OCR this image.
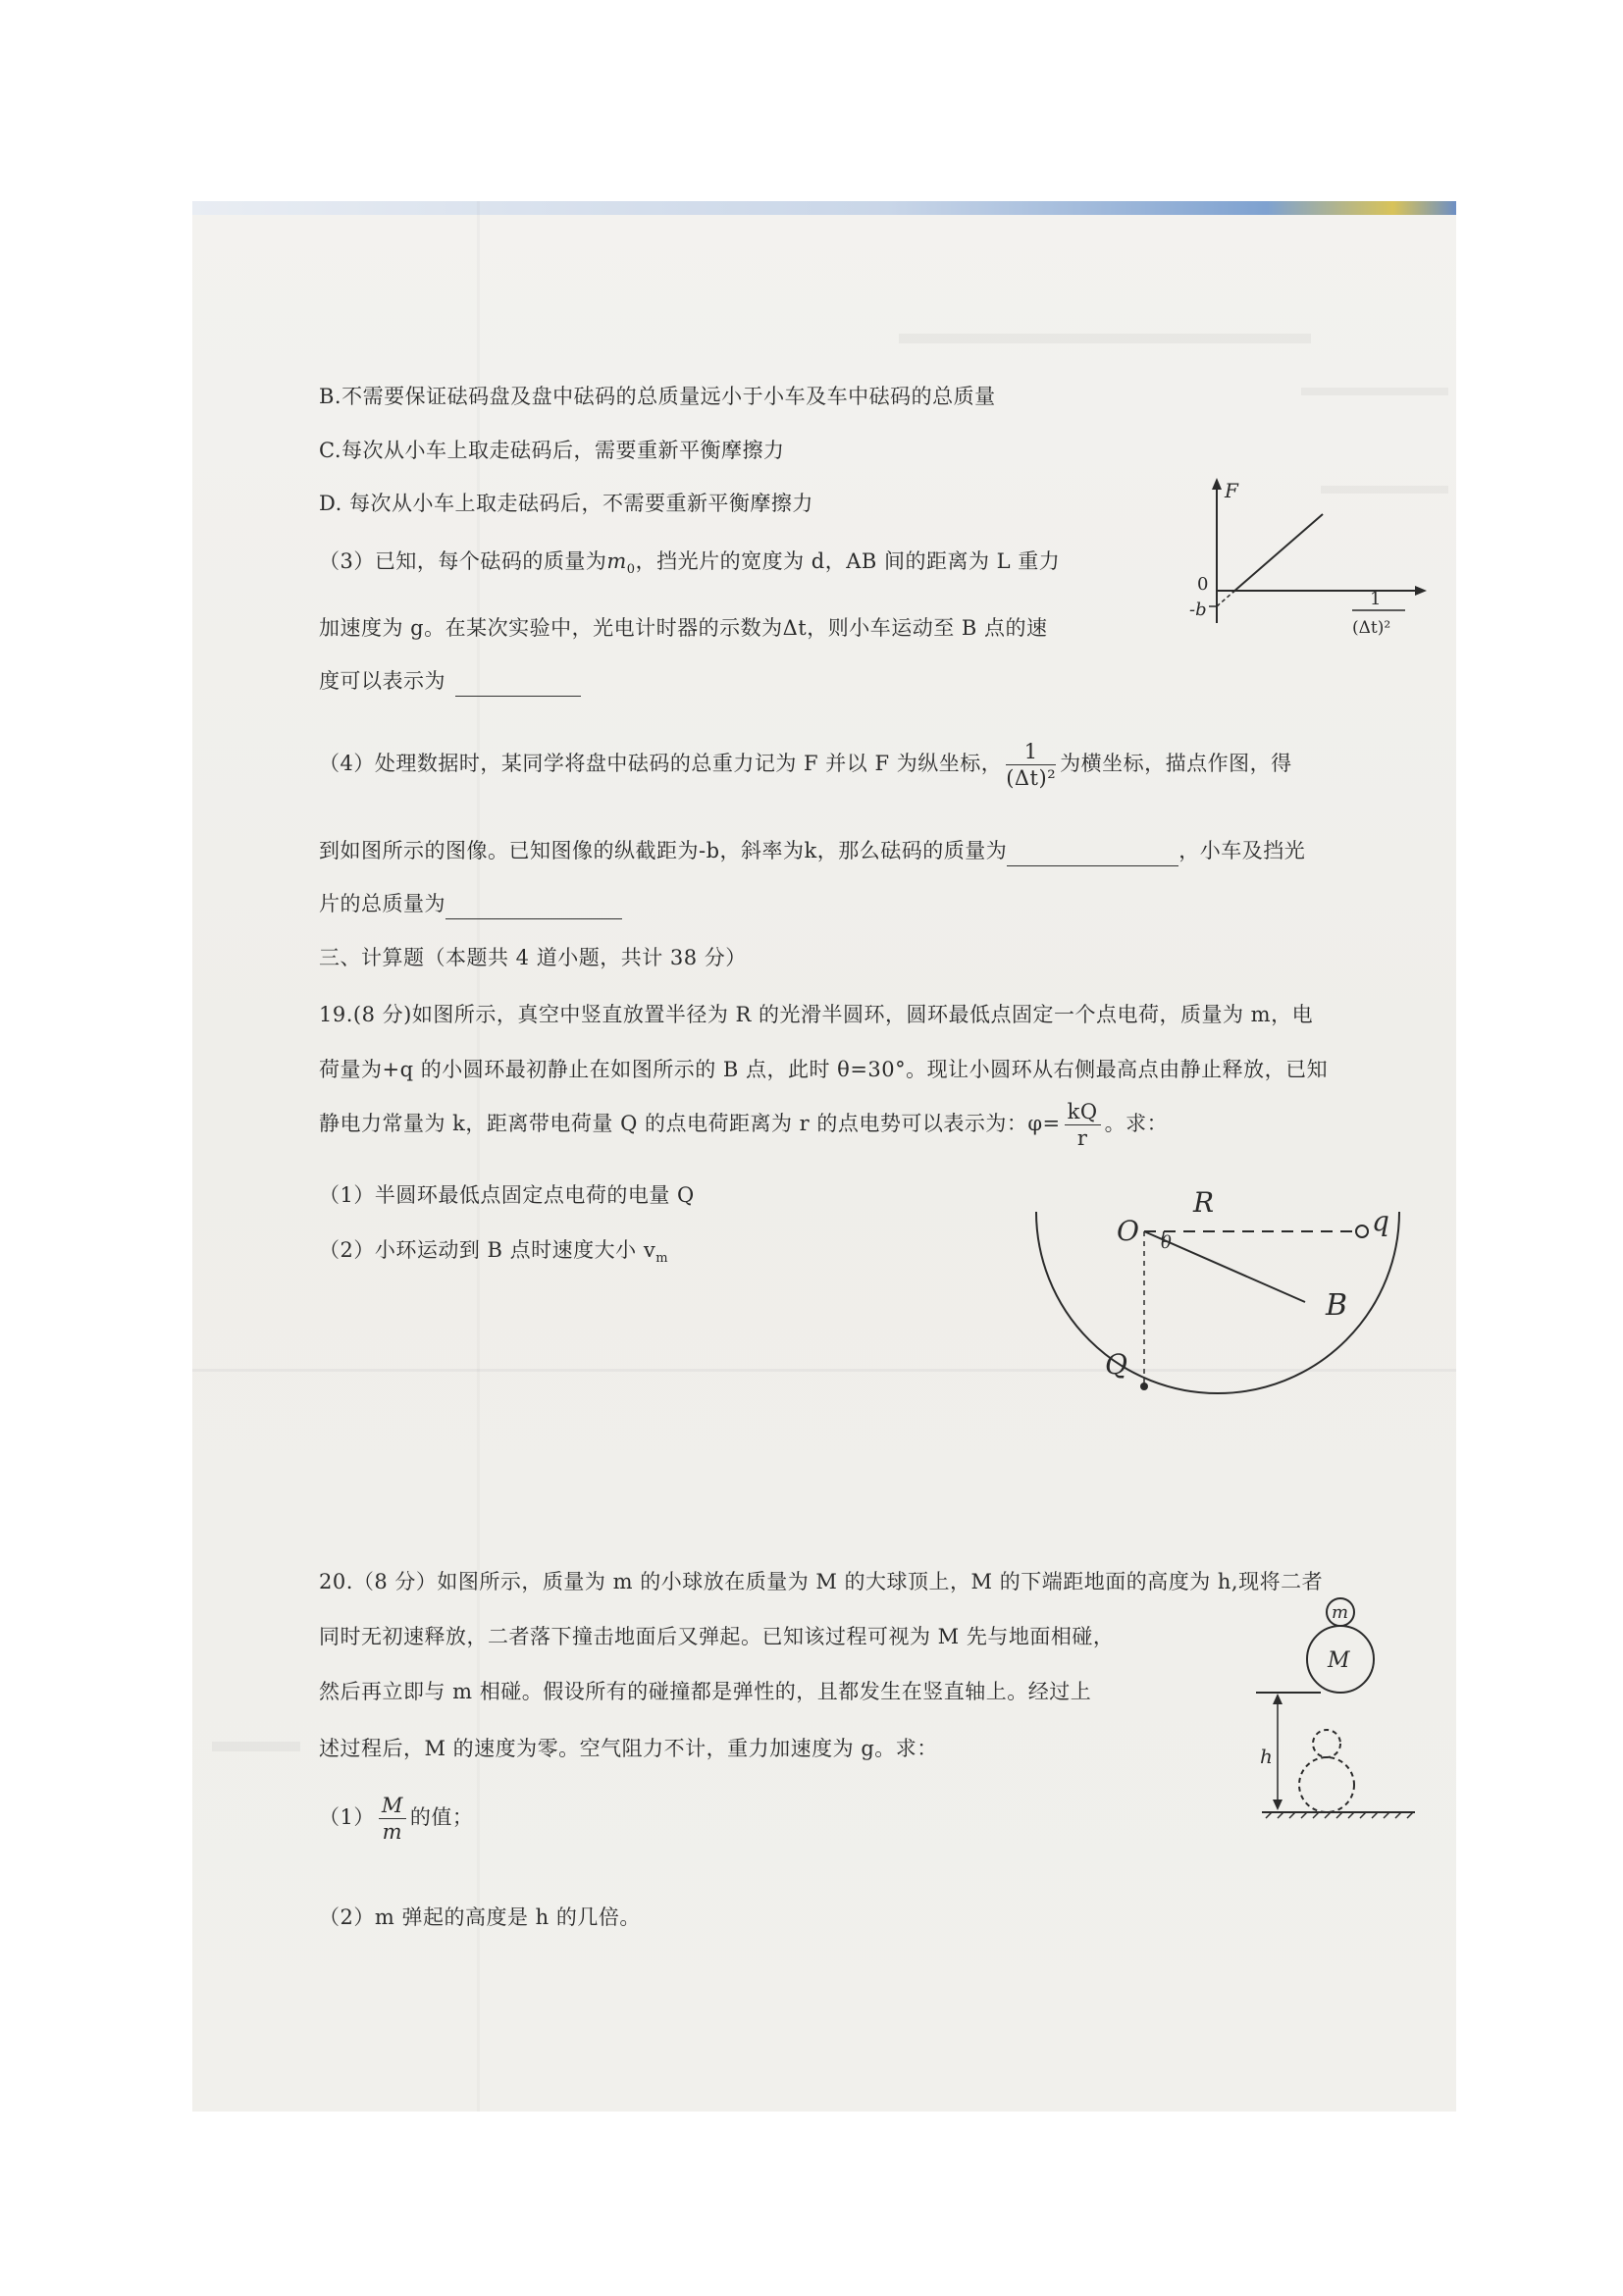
B.不需要保证砝码盘及盘中砝码的总质量远小于小车及车中砝码的总质量
C.每次从小车上取走砝码后，需要重新平衡摩擦力
D. 每次从小车上取走砝码后，不需要重新平衡摩擦力
（3）已知，每个砝码的质量为$m_0$，挡光片的宽度为 d，AB 间的距离为 L 重力
加速度为 g。在某次实验中，光电计时器的示数为Δt，则小车运动至 B 点的速
度可以表示为
（4）处理数据时，某同学将盘中砝码的总重力记为 F 并以 F 为纵坐标， $\frac{1}{\text{(Δt)²}}$ 为横坐标，描点作图，得
到如图所示的图像。已知图像的纵截距为-b，斜率为k，那么砝码的质量为	，小车及挡光
片的总质量为
F
0
-b
1
(Δt)²
三、计算题（本题共 4 道小题，共计 38 分）
19.(8 分)如图所示，真空中竖直放置半径为 R 的光滑半圆环，圆环最低点固定一个点电荷，质量为 m，电
荷量为+q 的小圆环最初静止在如图所示的 B 点，此时 θ=30°。现让小圆环从右侧最高点由静止释放，已知
静电力常量为 k，距离带电荷量 Q 的点电荷距离为 r 的点电势可以表示为：$\varphi= \frac{kQ}{r}$ 。求：
（1）半圆环最低点固定点电荷的电量 Q
（2）小环运动到 B 点时速度大小 $v_m$
R
O θ
q
B
Q
20.（8 分）如图所示，质量为 m 的小球放在质量为 M 的大球顶上，M 的下端距地面的高度为 h,现将二者
同时无初速释放，二者落下撞击地面后又弹起。已知该过程可视为 M 先与地面相碰，
然后再立即与 m 相碰。假设所有的碰撞都是弹性的，且都发生在竖直轴上。经过上
述过程后，M 的速度为零。空气阻力不计，重力加速度为 g。求：
$(1) \frac{M}{m}$ 的值；
（2）m 弹起的高度是 h 的几倍。
m
M
h
